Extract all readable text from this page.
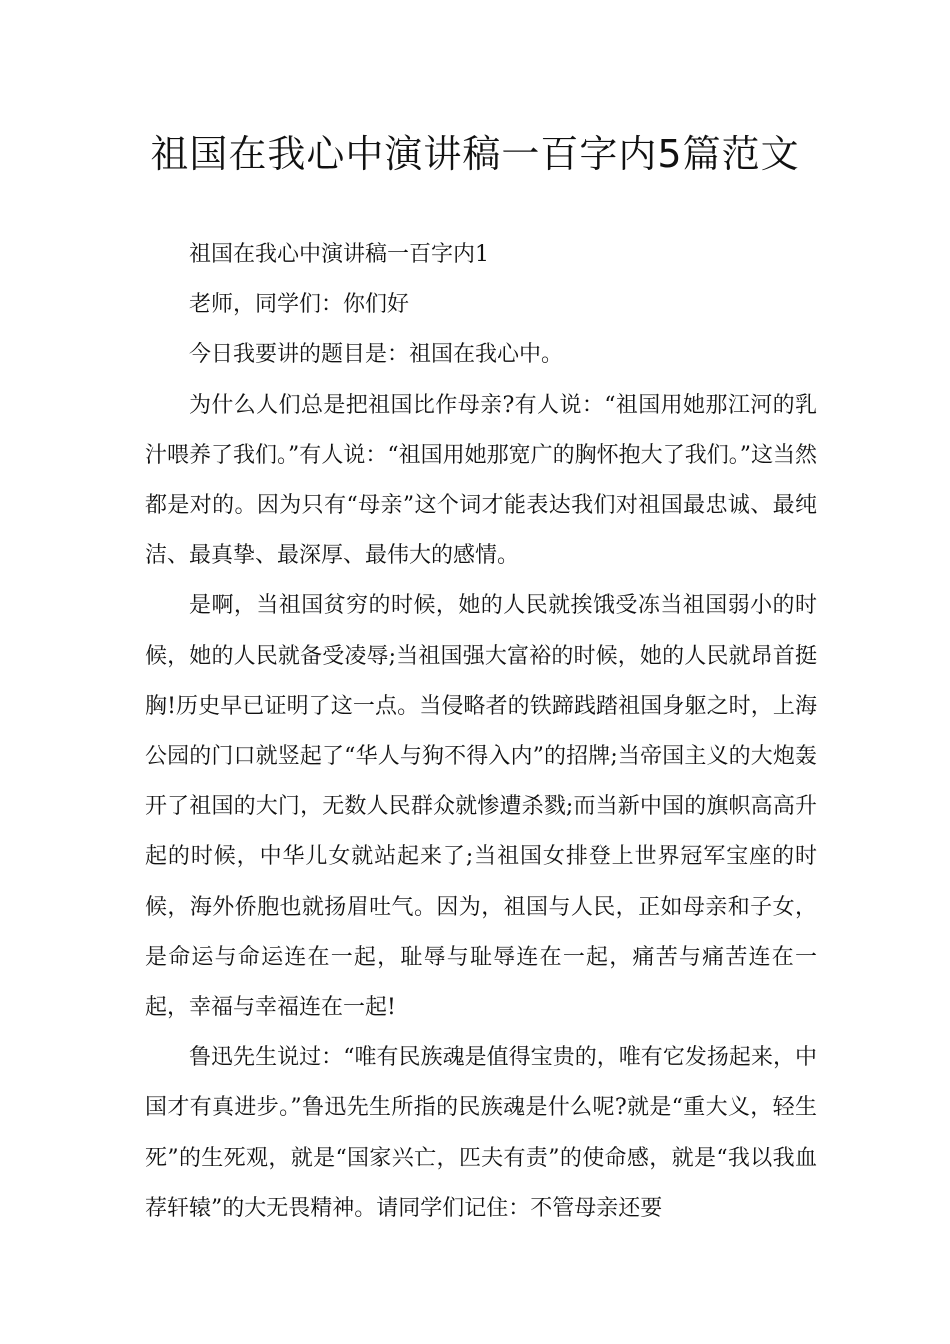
祖国在我心中演讲稿一百字内5篇范文

祖国在我心中演讲稿一百字内1

老师，同学们：你们好

今日我要讲的题目是：祖国在我心中。

为什么人们总是把祖国比作母亲?有人说：“祖国用她那江河的乳汁喂养了我们。”有人说：“祖国用她那宽广的胸怀抱大了我们。”这当然都是对的。因为只有“母亲”这个词才能表达我们对祖国最忠诚、最纯洁、最真挚、最深厚、最伟大的感情。

是啊，当祖国贫穷的时候，她的人民就挨饿受冻当祖国弱小的时候，她的人民就备受凌辱;当祖国强大富裕的时候，她的人民就昂首挺胸!历史早已证明了这一点。当侵略者的铁蹄践踏祖国身躯之时，上海公园的门口就竖起了“华人与狗不得入内”的招牌;当帝国主义的大炮轰开了祖国的大门，无数人民群众就惨遭杀戮;而当新中国的旗帜高高升起的时候，中华儿女就站起来了;当祖国女排登上世界冠军宝座的时候，海外侨胞也就扬眉吐气。因为，祖国与人民，正如母亲和子女，是命运与命运连在一起，耻辱与耻辱连在一起，痛苦与痛苦连在一起，幸福与幸福连在一起!

鲁迅先生说过：“唯有民族魂是值得宝贵的，唯有它发扬起来，中国才有真进步。”鲁迅先生所指的民族魂是什么呢?就是“重大义，轻生死”的生死观，就是“国家兴亡，匹夫有责”的使命感，就是“我以我血荐轩辕”的大无畏精神。请同学们记住：不管母亲还要
